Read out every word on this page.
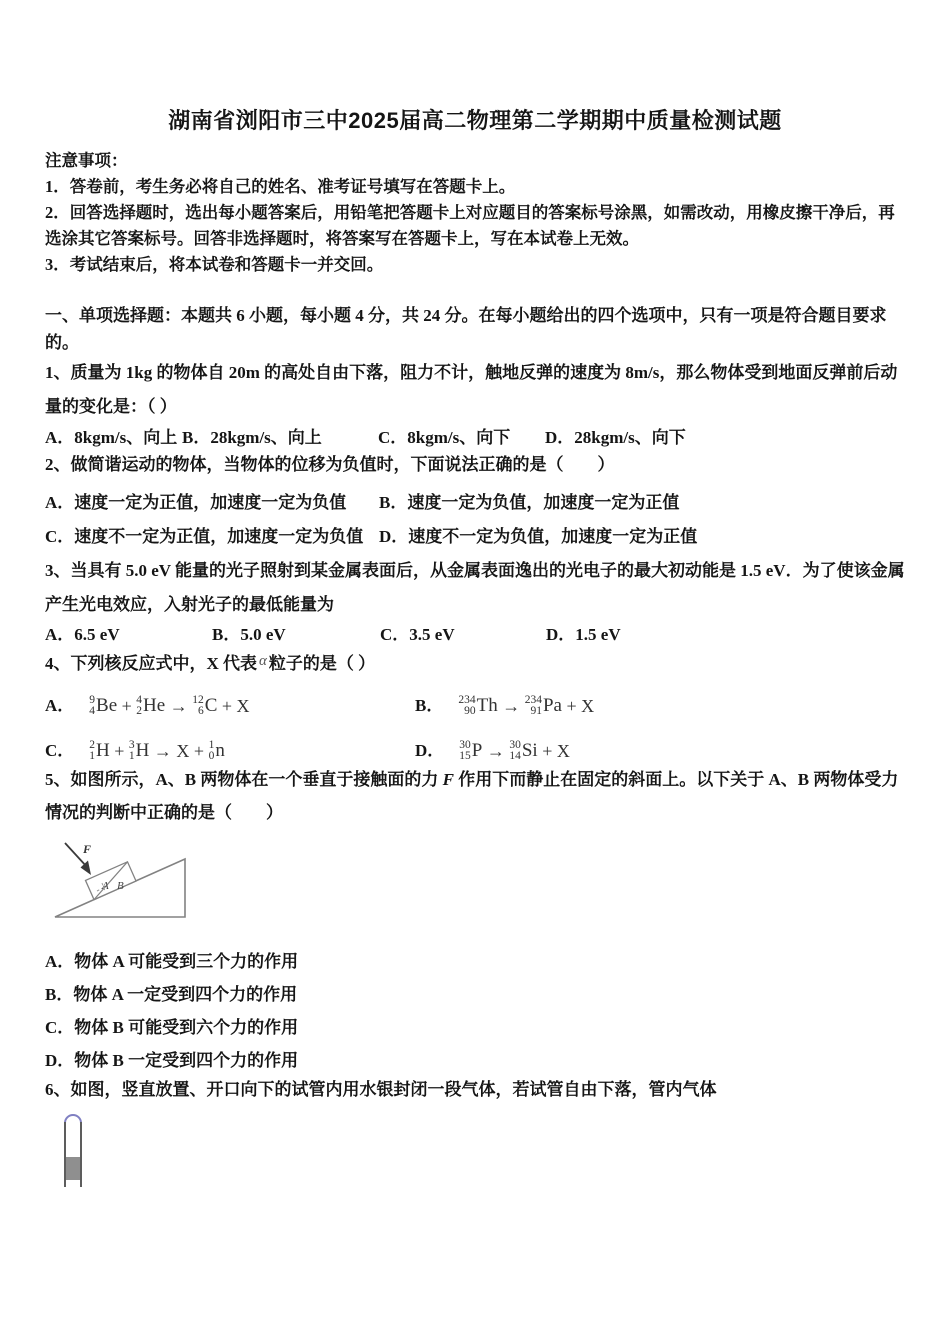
湖南省浏阳市三中2025届高二物理第二学期期中质量检测试题

注意事项：

1．答卷前，考生务必将自己的姓名、准考证号填写在答题卡上。

2．回答选择题时，选出每小题答案后，用铅笔把答题卡上对应题目的答案标号涂黑，如需改动，用橡皮擦干净后，再选涂其它答案标号。回答非选择题时，将答案写在答题卡上，写在本试卷上无效。

3．考试结束后，将本试卷和答题卡一并交回。

一、单项选择题：本题共 6 小题，每小题 4 分，共 24 分。在每小题给出的四个选项中，只有一项是符合题目要求的。

1、质量为 1kg 的物体自 20m 的高处自由下落，阻力不计，触地反弹的速度为 8m/s，那么物体受到地面反弹前后动量的变化是：（ ）

A．8kgm/s、向上 B．28kgm/s、向上	C．8kgm/s、向下 D．28kgm/s、向下

2、做简谐运动的物体，当物体的位移为负值时，下面说法正确的是（　　）

A．速度一定为正值，加速度一定为负值 B．速度一定为负值，加速度一定为正值
C．速度不一定为正值，加速度一定为负值 D．速度不一定为负值，加速度一定为正值

3、当具有 5.0 eV 能量的光子照射到某金属表面后，从金属表面逸出的光电子的最大初动能是 1.5 eV．为了使该金属产生光电效应，入射光子的最低能量为

A．6.5 eV	B．5.0 eV	C．3.5 eV	D．1.5 eV

4、下列核反应式中，X 代表 α 粒子的是（ ）

A． 9
4 Be + 4
2 He → 12
6 C + X	B． 234
90 Th → 234
91 Pa + X
C． 2
1 H + 3
1 H → X + 1
0 n	D． 30
15 P → 30
14 Si + X

5、如图所示，A、B 两物体在一个垂直于接触面的力 F 作用下而静止在固定的斜面上。以下关于 A、B 两物体受力情况的判断中正确的是（　　）

F
A B
A．物体 A 可能受到三个力的作用
B．物体 A 一定受到四个力的作用
C．物体 B 可能受到六个力的作用
D．物体 B 一定受到四个力的作用

6、如图，竖直放置、开口向下的试管内用水银封闭一段气体，若试管自由下落，管内气体
